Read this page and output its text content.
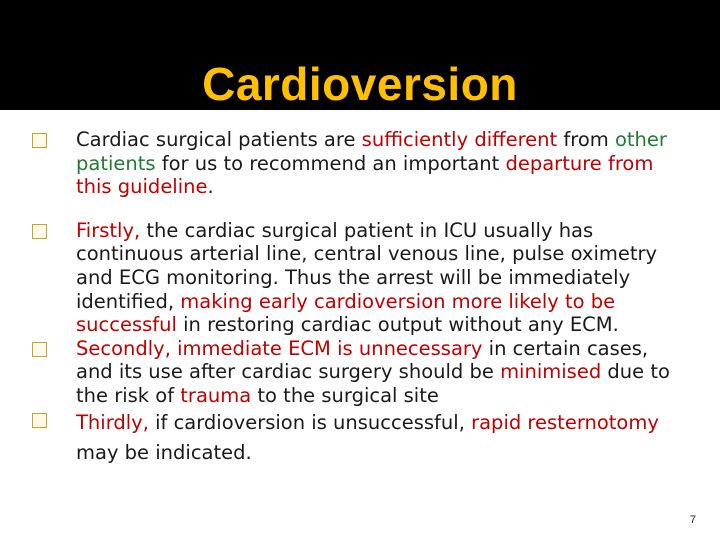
Cardioversion

Cardiac surgical patients are sufficiently different from other patients for us to recommend an important departure from this guideline.

Firstly, the cardiac surgical patient in ICU usually has continuous arterial line, central venous line, pulse oximetry and ECG monitoring. Thus the arrest will be immediately identified, making early cardioversion more likely to be successful in restoring cardiac output without any ECM.

Secondly, immediate ECM is unnecessary in certain cases, and its use after cardiac surgery should be minimised due to the risk of trauma to the surgical site

Thirdly, if cardioversion is unsuccessful, rapid resternotomy may be indicated.

7
